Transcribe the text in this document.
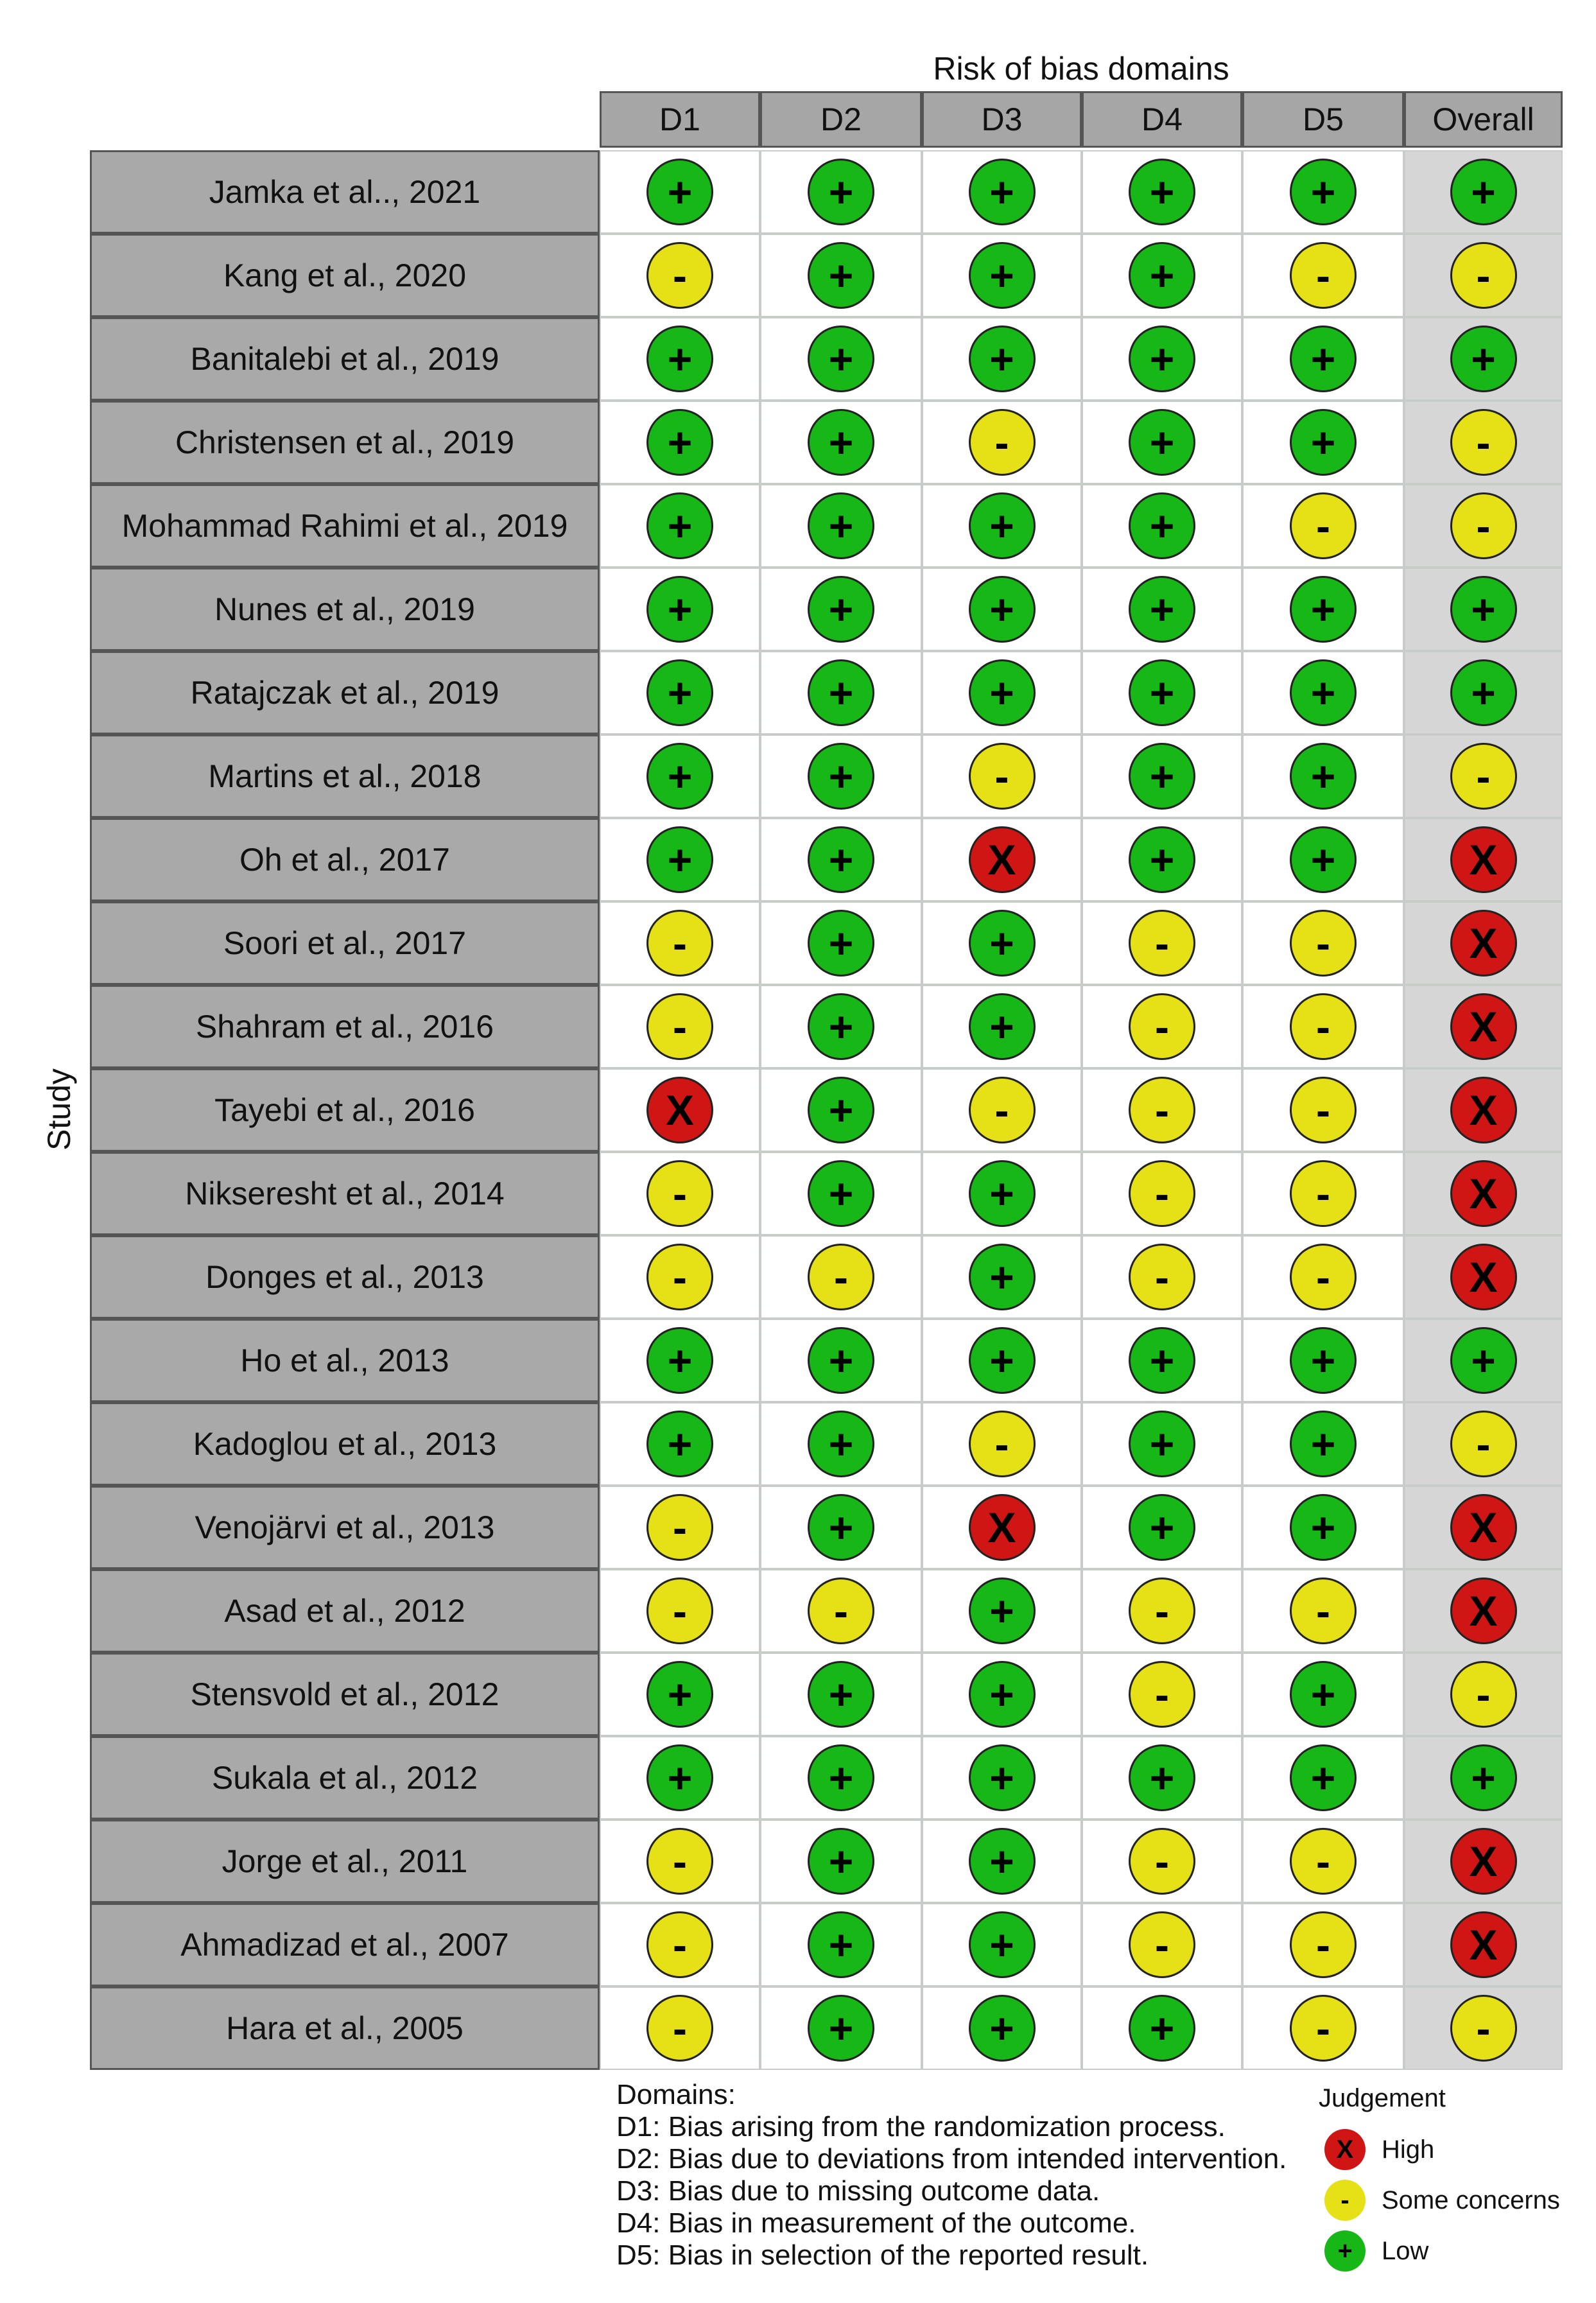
Risk of bias domains
Study
D1	D2	D3	D4	D5	Overall
Jamka et al.., 2021	+	+	+	+	+	+
Kang et al., 2020	-	+	+	+	-	-
Banitalebi et al., 2019	+	+	+	+	+	+
Christensen et al., 2019	+	+	-	+	+	-
Mohammad Rahimi et al., 2019	+	+	+	+	-	-
Nunes et al., 2019	+	+	+	+	+	+
Ratajczak et al., 2019	+	+	+	+	+	+
Martins et al., 2018	+	+	-	+	+	-
Oh et al., 2017	+	+	X	+	+	X
Soori et al., 2017	-	+	+	-	-	X
Shahram et al., 2016	-	+	+	-	-	X
Tayebi et al., 2016	X	+	-	-	-	X
Nikseresht et al., 2014	-	+	+	-	-	X
Donges et al., 2013	-	-	+	-	-	X
Ho et al., 2013	+	+	+	+	+	+
Kadoglou et al., 2013	+	+	-	+	+	-
Venojärvi et al., 2013	-	+	X	+	+	X
Asad et al., 2012	-	-	+	-	-	X
Stensvold et al., 2012	+	+	+	-	+	-
Sukala et al., 2012	+	+	+	+	+	+
Jorge et al., 2011	-	+	+	-	-	X
Ahmadizad et al., 2007	-	+	+	-	-	X
Hara et al., 2005	-	+	+	+	-	-
Domains:
D1: Bias arising from the randomization process.
D2: Bias due to deviations from intended intervention.
D3: Bias due to missing outcome data.
D4: Bias in measurement of the outcome.
D5: Bias in selection of the reported result.
Judgement
X	High
-	Some concerns
+	Low
